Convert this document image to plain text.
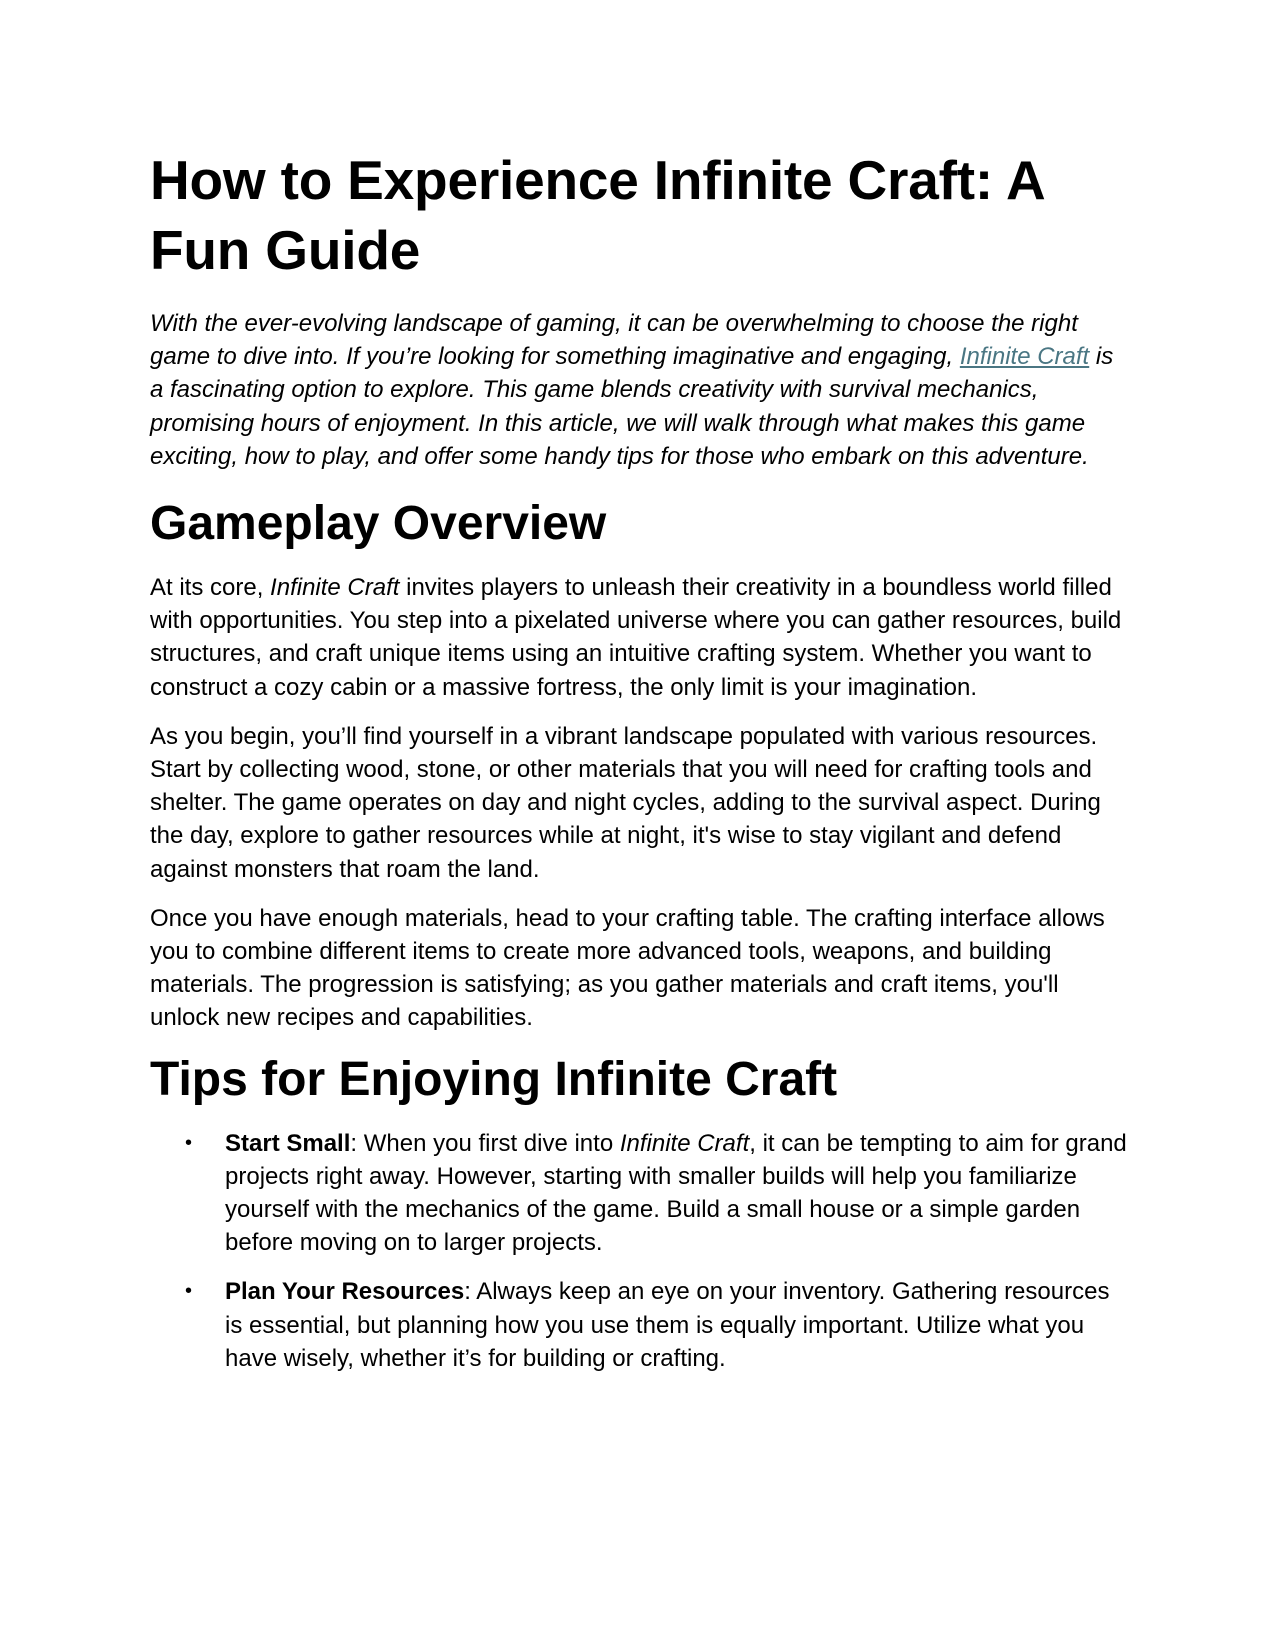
How to Experience Infinite Craft: A Fun Guide

With the ever-evolving landscape of gaming, it can be overwhelming to choose the right game to dive into. If you’re looking for something imaginative and engaging, Infinite Craft is a fascinating option to explore. This game blends creativity with survival mechanics, promising hours of enjoyment. In this article, we will walk through what makes this game exciting, how to play, and offer some handy tips for those who embark on this adventure.

Gameplay Overview

At its core, Infinite Craft invites players to unleash their creativity in a boundless world filled with opportunities. You step into a pixelated universe where you can gather resources, build structures, and craft unique items using an intuitive crafting system. Whether you want to construct a cozy cabin or a massive fortress, the only limit is your imagination.

As you begin, you’ll find yourself in a vibrant landscape populated with various resources. Start by collecting wood, stone, or other materials that you will need for crafting tools and shelter. The game operates on day and night cycles, adding to the survival aspect. During the day, explore to gather resources while at night, it's wise to stay vigilant and defend against monsters that roam the land.

Once you have enough materials, head to your crafting table. The crafting interface allows you to combine different items to create more advanced tools, weapons, and building materials. The progression is satisfying; as you gather materials and craft items, you'll unlock new recipes and capabilities.

Tips for Enjoying Infinite Craft
• Start Small: When you first dive into Infinite Craft, it can be tempting to aim for grand projects right away. However, starting with smaller builds will help you familiarize yourself with the mechanics of the game. Build a small house or a simple garden before moving on to larger projects.
• Plan Your Resources: Always keep an eye on your inventory. Gathering resources is essential, but planning how you use them is equally important. Utilize what you have wisely, whether it’s for building or crafting.
